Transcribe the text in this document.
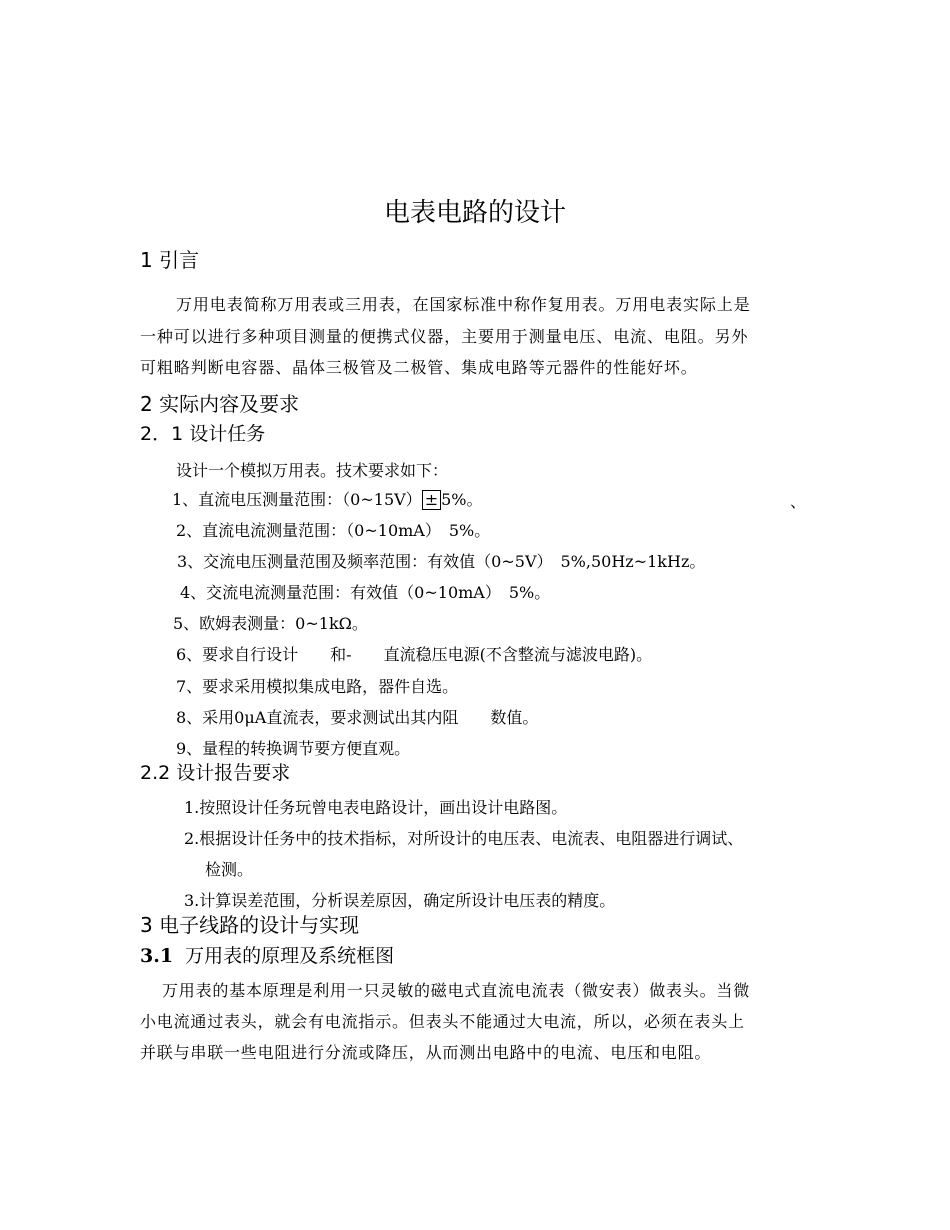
电表电路的设计
1 引言
万用电表简称万用表或三用表，在国家标准中称作复用表。万用电表实际上是
一种可以进行多种项目测量的便携式仪器，主要用于测量电压、电流、电阻。另外
可粗略判断电容器、晶体三极管及二极管、集成电路等元器件的性能好坏。
2 实际内容及要求
2．1 设计任务
设计一个模拟万用表。技术要求如下：
1、直流电压测量范围：（0~15V） ± 5%。	、
2、直流电流测量范围：（0~10mA）　5%。
3、交流电压测量范围及频率范围：有效值（0~5V）　5%,50Hz~1kHz。
4、交流电流测量范围：有效值（0~10mA）　5%。
5、欧姆表测量：0~1kΩ。
6、要求自行设计　　和-　　直流稳压电源(不含整流与滤波电路)。
7、要求采用模拟集成电路，器件自选。
8、采用0μA直流表，要求测试出其内阻　　数值。
9、量程的转换调节要方便直观。
2.2 设计报告要求
1.按照设计任务玩曾电表电路设计，画出设计电路图。
2.根据设计任务中的技术指标，对所设计的电压表、电流表、电阻器进行调试、
检测。
3.计算误差范围，分析误差原因，确定所设计电压表的精度。
3 电子线路的设计与实现
3.1 万用表的原理及系统框图
万用表的基本原理是利用一只灵敏的磁电式直流电流表（微安表）做表头。当微
小电流通过表头，就会有电流指示。但表头不能通过大电流，所以，必须在表头上
并联与串联一些电阻进行分流或降压，从而测出电路中的电流、电压和电阻。
